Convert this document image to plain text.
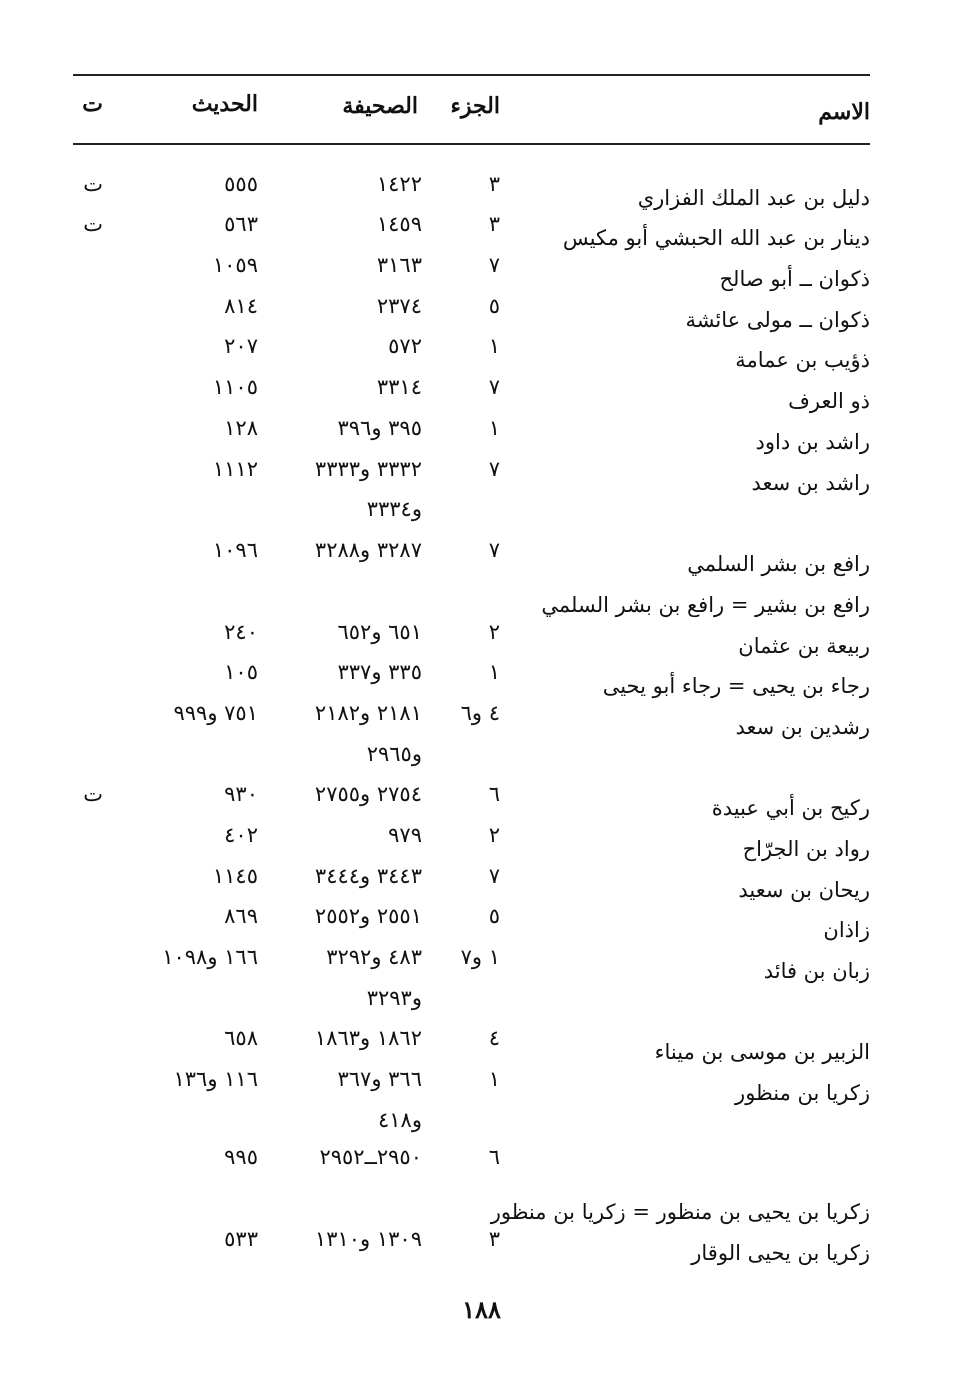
الاسم
الجزء
الصحيفة
الحديث
ت
دليل بن عبد الملك الفزاري
٣
١٤٢٢
٥٥٥
ت
دينار بن عبد الله الحبشي أبو مكيس
٣
١٤٥٩
٥٦٣
ت
ذكوان ــ أبو صالح
٧
٣١٦٣
١٠٥٩
ذكوان ــ مولى عائشة
٥
٢٣٧٤
٨١٤
ذؤيب بن عمامة
١
٥٧٢
٢٠٧
ذو العرف
٧
٣٣١٤
١١٠٥
راشد بن داود
١
٣٩٥ و٣٩٦
١٢٨
راشد بن سعد
٧
٣٣٣٢ و٣٣٣٣
١١١٢
و٣٣٣٤
رافع بن بشر السلمي
٧
٣٢٨٧ و٣٢٨٨
١٠٩٦
رافع بن بشير = رافع بن بشر السلمي
ربيعة بن عثمان
٢
٦٥١ و٦٥٢
٢٤٠
رجاء بن يحيى = رجاء أبو يحيى
١
٣٣٥ و٣٣٧
١٠٥
رشدين بن سعد
٤ و٦
٢١٨١ و٢١٨٢
٧٥١ و٩٩٩
و٢٩٦٥
ركيح بن أبي عبيدة
٦
٢٧٥٤ و٢٧٥٥
٩٣٠
ت
رواد بن الجرّاح
٢
٩٧٩
٤٠٢
ريحان بن سعيد
٧
٣٤٤٣ و٣٤٤٤
١١٤٥
زاذان
٥
٢٥٥١ و٢٥٥٢
٨٦٩
زبان بن فائد
١ و٧
٤٨٣ و٣٢٩٢
١٦٦ و١٠٩٨
و٣٢٩٣
الزبير بن موسى بن ميناء
٤
١٨٦٢ و١٨٦٣
٦٥٨
زكريا بن منظور
١
٣٦٦ و٣٦٧
١١٦ و١٣٦
و٤١٨
٦
٢٩٥٠ــ٢٩٥٢
٩٩٥
زكريا بن يحيى بن منظور = زكريا بن منظور
زكريا بن يحيى الوقار
٣
١٣٠٩ و١٣١٠
٥٣٣
١٨٨
